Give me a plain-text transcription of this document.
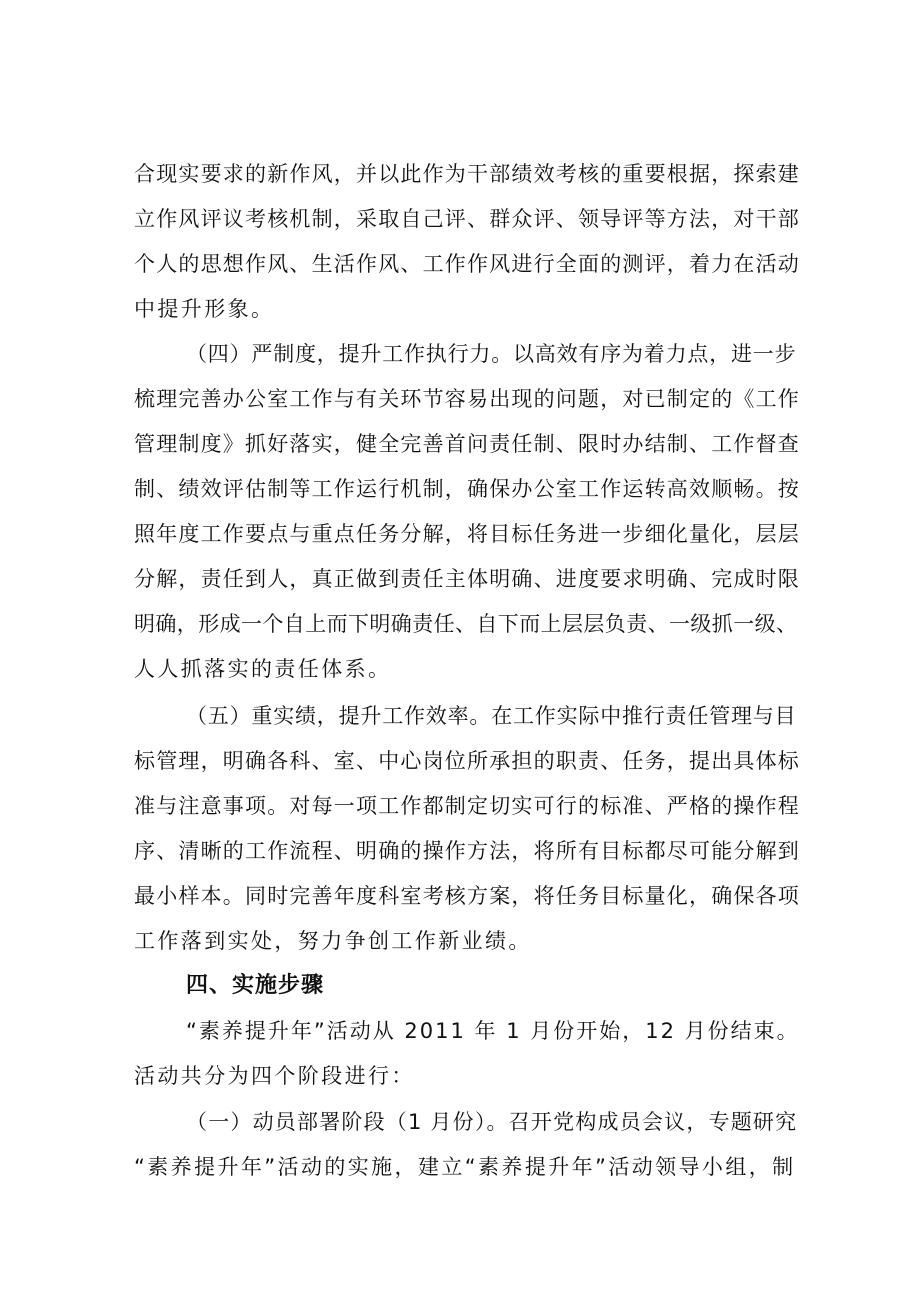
合现实要求的新作风，并以此作为干部绩效考核的重要根据，探索建
立作风评议考核机制，采取自己评、群众评、领导评等方法，对干部
个人的思想作风、生活作风、工作作风进行全面的测评，着力在活动
中提升形象。
（四）严制度，提升工作执行力。以高效有序为着力点，进一步
梳理完善办公室工作与有关环节容易出现的问题，对已制定的《工作
管理制度》抓好落实，健全完善首问责任制、限时办结制、工作督查
制、绩效评估制等工作运行机制，确保办公室工作运转高效顺畅。按
照年度工作要点与重点任务分解，将目标任务进一步细化量化，层层
分解，责任到人，真正做到责任主体明确、进度要求明确、完成时限
明确，形成一个自上而下明确责任、自下而上层层负责、一级抓一级、
人人抓落实的责任体系。
（五）重实绩，提升工作效率。在工作实际中推行责任管理与目
标管理，明确各科、室、中心岗位所承担的职责、任务，提出具体标
准与注意事项。对每一项工作都制定切实可行的标准、严格的操作程
序、清晰的工作流程、明确的操作方法，将所有目标都尽可能分解到
最小样本。同时完善年度科室考核方案，将任务目标量化，确保各项
工作落到实处，努力争创工作新业绩。
四、实施步骤
“素养提升年”活动从 2011 年 1 月份开始，12 月份结束。
活动共分为四个阶段进行：
（一）动员部署阶段（1 月份）。召开党构成员会议，专题研究
“素养提升年”活动的实施，建立“素养提升年”活动领导小组，制
